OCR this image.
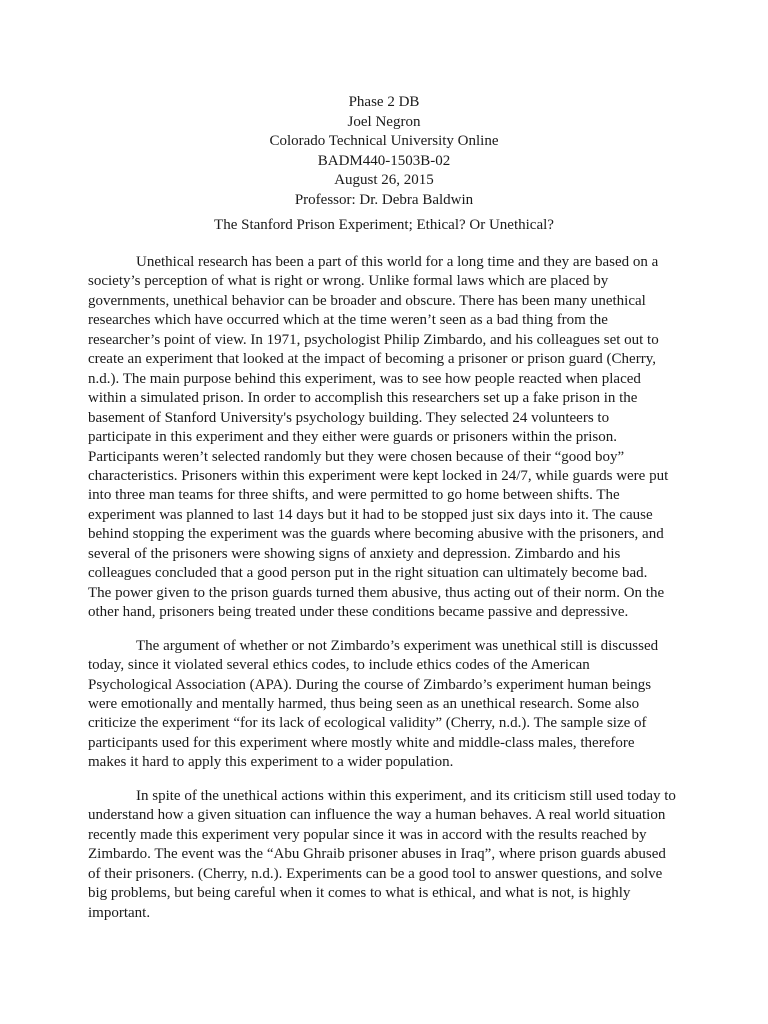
Phase 2 DB
Joel Negron
Colorado Technical University Online
BADM440-1503B-02
August 26, 2015
Professor: Dr. Debra Baldwin
The Stanford Prison Experiment; Ethical? Or Unethical?
Unethical research has been a part of this world for a long time and they are based on a
society’s perception of what is right or wrong. Unlike formal laws which are placed by
governments, unethical behavior can be broader and obscure. There has been many unethical
researches which have occurred which at the time weren’t seen as a bad thing from the
researcher’s point of view. In 1971, psychologist Philip Zimbardo, and his colleagues set out to
create an experiment that looked at the impact of becoming a prisoner or prison guard (Cherry,
n.d.). The main purpose behind this experiment, was to see how people reacted when placed
within a simulated prison. In order to accomplish this researchers set up a fake prison in the
basement of Stanford University's psychology building. They selected 24 volunteers to
participate in this experiment and they either were guards or prisoners within the prison.
Participants weren’t selected randomly but they were chosen because of their “good boy”
characteristics. Prisoners within this experiment were kept locked in 24/7, while guards were put
into three man teams for three shifts, and were permitted to go home between shifts. The
experiment was planned to last 14 days but it had to be stopped just six days into it. The cause
behind stopping the experiment was the guards where becoming abusive with the prisoners, and
several of the prisoners were showing signs of anxiety and depression. Zimbardo and his
colleagues concluded that a good person put in the right situation can ultimately become bad.
The power given to the prison guards turned them abusive, thus acting out of their norm. On the
other hand, prisoners being treated under these conditions became passive and depressive.
The argument of whether or not Zimbardo’s experiment was unethical still is discussed
today, since it violated several ethics codes, to include ethics codes of the American
Psychological Association (APA). During the course of Zimbardo’s experiment human beings
were emotionally and mentally harmed, thus being seen as an unethical research. Some also
criticize the experiment “for its lack of ecological validity” (Cherry, n.d.). The sample size of
participants used for this experiment where mostly white and middle-class males, therefore
makes it hard to apply this experiment to a wider population.
In spite of the unethical actions within this experiment, and its criticism still used today to
understand how a given situation can influence the way a human behaves. A real world situation
recently made this experiment very popular since it was in accord with the results reached by
Zimbardo. The event was the “Abu Ghraib prisoner abuses in Iraq”, where prison guards abused
of their prisoners. (Cherry, n.d.). Experiments can be a good tool to answer questions, and solve
big problems, but being careful when it comes to what is ethical, and what is not, is highly
important.
